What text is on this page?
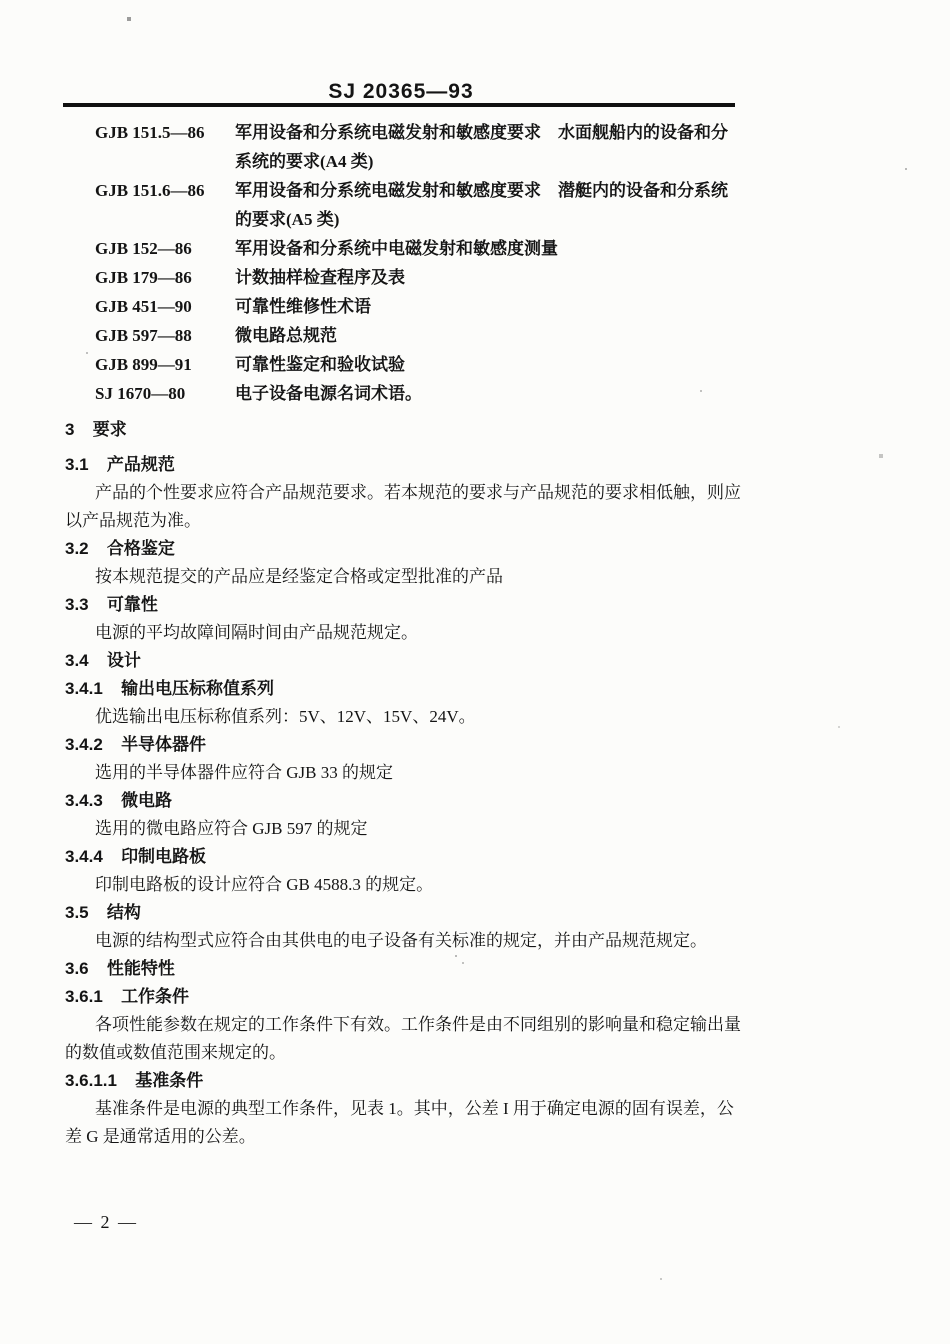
SJ 20365—93
GJB 151.5—86	军用设备和分系统电磁发射和敏感度要求　水面舰船内的设备和分系统的要求(A4 类)
GJB 151.6—86	军用设备和分系统电磁发射和敏感度要求　潜艇内的设备和分系统的要求(A5 类)
GJB 152—86	军用设备和分系统中电磁发射和敏感度测量
GJB 179—86	计数抽样检查程序及表
GJB 451—90	可靠性维修性术语
GJB 597—88	微电路总规范
GJB 899—91	可靠性鉴定和验收试验
SJ 1670—80	电子设备电源名词术语。
3 要求
3.1 产品规范
产品的个性要求应符合产品规范要求。若本规范的要求与产品规范的要求相低触，则应以产品规范为准。
3.2 合格鉴定
按本规范提交的产品应是经鉴定合格或定型批准的产品
3.3 可靠性
电源的平均故障间隔时间由产品规范规定。
3.4 设计
3.4.1 输出电压标称值系列
优选输出电压标称值系列：5V、12V、15V、24V。
3.4.2 半导体器件
选用的半导体器件应符合 GJB 33 的规定
3.4.3 微电路
选用的微电路应符合 GJB 597 的规定
3.4.4 印制电路板
印制电路板的设计应符合 GB 4588.3 的规定。
3.5 结构
电源的结构型式应符合由其供电的电子设备有关标准的规定，并由产品规范规定。
3.6 性能特性
3.6.1 工作条件
各项性能参数在规定的工作条件下有效。工作条件是由不同组别的影响量和稳定输出量的数值或数值范围来规定的。
3.6.1.1 基准条件
基准条件是电源的典型工作条件，见表 1。其中，公差 I 用于确定电源的固有误差，公差 G 是通常适用的公差。
— 2 —
